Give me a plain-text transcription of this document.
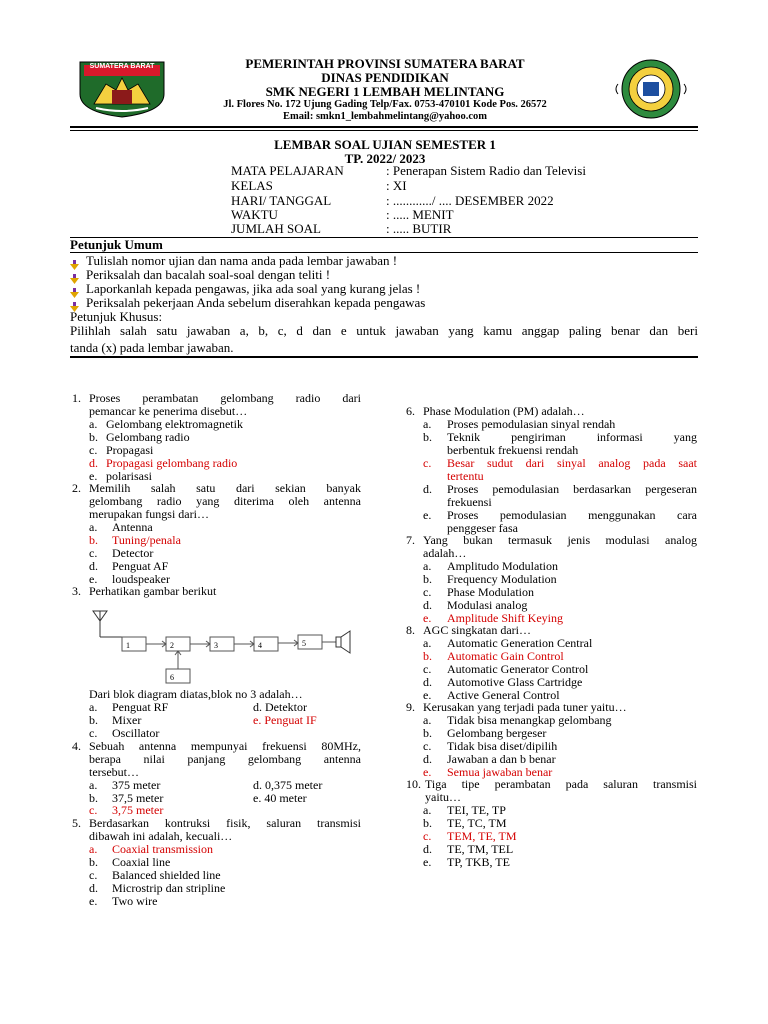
SUMATERA BARAT	PEMERINTAH PROVINSI SUMATERA BARAT
DINAS PENDIDIKAN
SMK NEGERI 1 LEMBAH MELINTANG
Jl. Flores No. 172 Ujung Gading Telp/Fax. 0753-470101 Kode Pos. 26572
Email: smkn1_lembahmelintang@yahoo.com
LEMBAR SOAL UJIAN SEMESTER 1
TP. 2022/ 2023
MATA PELAJARAN	: Penerapan Sistem Radio dan Televisi
KELAS	: XI
HARI/ TANGGAL	: ............/ .... DESEMBER 2022
WAKTU	: ..... MENIT
JUMLAH SOAL	: ..... BUTIR
Petunjuk Umum
Tulislah nomor ujian dan nama anda pada lembar jawaban !
Periksalah dan bacalah soal-soal dengan teliti !
Laporkanlah kepada pengawas, jika ada soal yang kurang jelas !
Periksalah pekerjaan Anda sebelum diserahkan kepada pengawas
Petunjuk Khusus:
Pilihlah salah satu jawaban a, b, c, d dan e untuk jawaban yang kamu anggap paling benar dan beri
tanda (x) pada lembar jawaban.
1. Proses perambatan gelombang radio dari
pemancar ke penerima disebut…
a. Gelombang elektromagnetik
b. Gelombang radio
c. Propagasi
d. Propagasi gelombang radio
e. polarisasi
2. Memilih salah satu dari sekian banyak
gelombang radio yang diterima oleh antenna
merupakan fungsi dari…
a. Antenna
b. Tuning/penala
c. Detector
d. Penguat AF
e. loudspeaker
3. Perhatikan gambar berikut
1	2	3	4	5
6
Dari blok diagram diatas,blok no 3 adalah…
a. Penguat RF	d. Detektor
b. Mixer	e. Penguat IF
c. Oscillator
4. Sebuah antenna mempunyai frekuensi 80MHz,
berapa nilai panjang gelombang antenna
tersebut…
a. 375 meter	d. 0,375 meter
b. 37,5 meter	e. 40 meter
c. 3,75 meter
5. Berdasarkan kontruksi fisik, saluran transmisi
dibawah ini adalah, kecuali…
a. Coaxial transmission
b. Coaxial line
c. Balanced shielded line
d. Microstrip dan stripline
e. Two wire
6. Phase Modulation (PM) adalah…
a. Proses pemodulasian sinyal rendah
b. Teknik pengiriman informasi yang
berbentuk frekuensi rendah
c. Besar sudut dari sinyal analog pada saat
tertentu
d. Proses pemodulasian berdasarkan pergeseran
frekuensi
e. Proses pemodulasian menggunakan cara
penggeser fasa
7. Yang bukan termasuk jenis modulasi analog
adalah…
a. Amplitudo Modulation
b. Frequency Modulation
c. Phase Modulation
d. Modulasi analog
e. Amplitude Shift Keying
8. AGC singkatan dari…
a. Automatic Generation Central
b. Automatic Gain Control
c. Automatic Generator Control
d. Automotive Glass Cartridge
e. Active General Control
9. Kerusakan yang terjadi pada tuner yaitu…
a. Tidak bisa menangkap gelombang
b. Gelombang bergeser
c. Tidak bisa diset/dipilih
d. Jawaban a dan b benar
e. Semua jawaban benar
10. Tiga tipe perambatan pada saluran transmisi
yaitu…
a. TEI, TE, TP
b. TE, TC, TM
c. TEM, TE, TM
d. TE, TM, TEL
e. TP, TKB, TE
